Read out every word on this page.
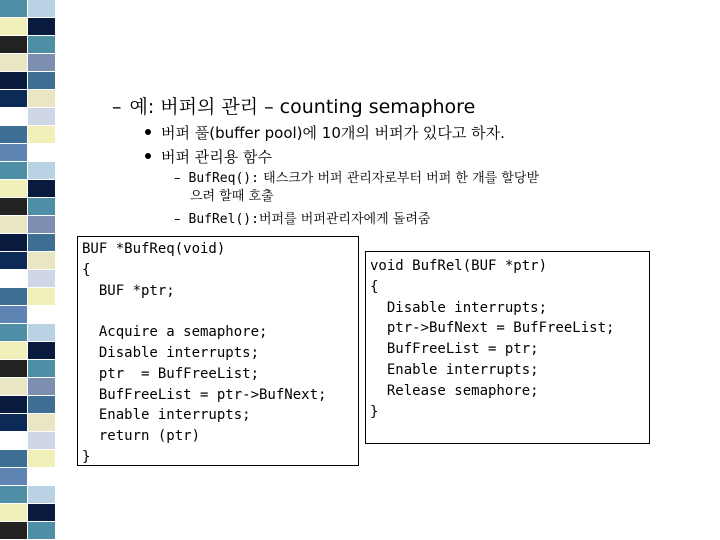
– 예: 버퍼의 관리 – counting semaphore
버퍼 풀(buffer pool)에 10개의 버퍼가 있다고 하자.
버퍼 관리용 함수
– BufReq(): 태스크가 버퍼 관리자로부터 버퍼 한 개를 할당받
으려 할때 호출
– BufRel():버퍼를 버퍼관리자에게 돌려줌
BUF *BufReq(void)
{
BUF *ptr;
Acquire a semaphore;
Disable interrupts;
ptr  = BufFreeList;
BufFreeList = ptr->BufNext;
Enable interrupts;
return (ptr)
}
void BufRel(BUF *ptr)
{
Disable interrupts;
ptr->BufNext = BufFreeList;
BufFreeList = ptr;
Enable interrupts;
Release semaphore;
}
